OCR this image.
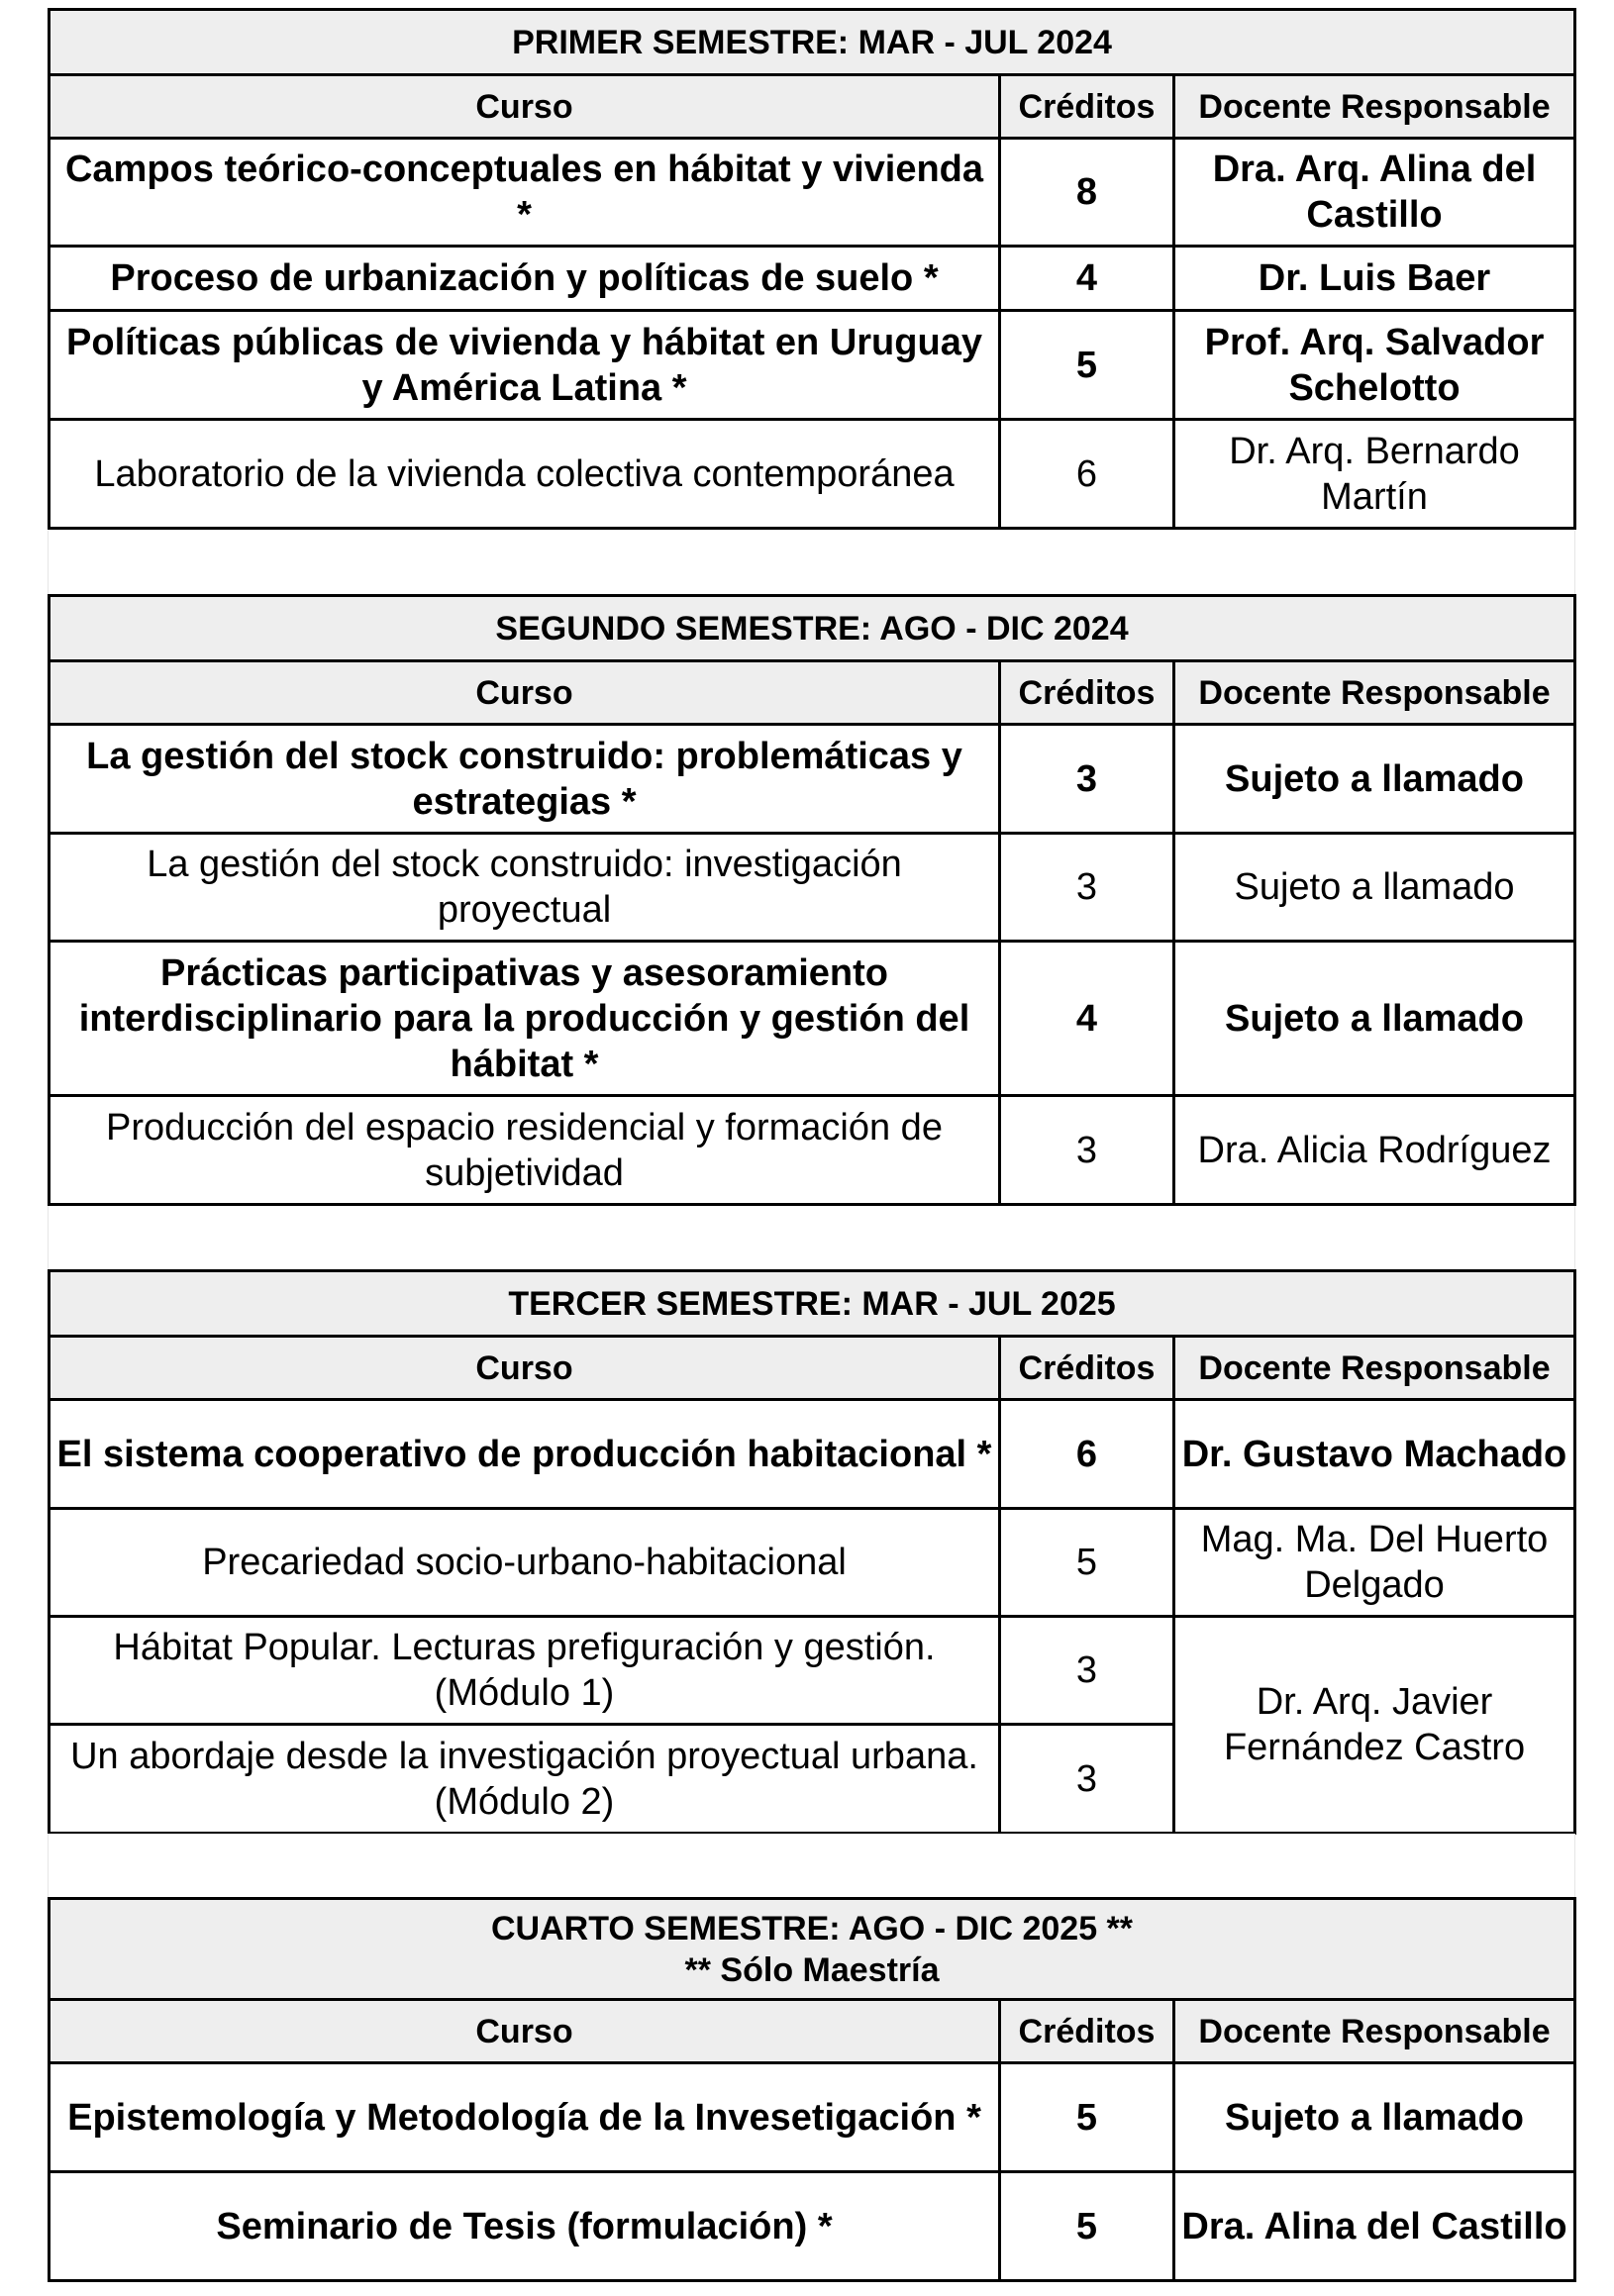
PRIMER SEMESTRE: MAR - JUL 2024		
Curso	Créditos	Docente Responsable
Campos teórico-conceptuales en hábitat y vivienda *	8	Dra. Arq. Alina del Castillo
Proceso de urbanización y políticas de suelo *	4	Dr. Luis Baer
Políticas públicas de vivienda y hábitat en Uruguay y América Latina *	5	Prof. Arq. Salvador Schelotto
Laboratorio de la vivienda colectiva contemporánea	6	Dr. Arq. Bernardo Martín
SEGUNDO SEMESTRE: AGO - DIC 2024		
Curso	Créditos	Docente Responsable
La gestión del stock construido: problemáticas y estrategias *	3	Sujeto a llamado
La gestión del stock construido: investigación proyectual	3	Sujeto a llamado
Prácticas participativas y asesoramiento interdisciplinario para la producción y gestión del hábitat *	4	Sujeto a llamado
Producción del espacio residencial y formación de subjetividad	3	Dra. Alicia Rodríguez
TERCER SEMESTRE: MAR - JUL 2025		
Curso	Créditos	Docente Responsable
El sistema cooperativo de producción habitacional *	6	Dr. Gustavo Machado
Precariedad socio-urbano-habitacional	5	Mag. Ma. Del Huerto Delgado
Hábitat Popular. Lecturas prefiguración y gestión. (Módulo 1)	3	Dr. Arq. Javier Fernández Castro
Un abordaje desde la investigación proyectual urbana. (Módulo 2)	3	
CUARTO SEMESTRE: AGO - DIC 2025 **
** Sólo Maestría		

Curso	Créditos	Docente Responsable
Epistemología y Metodología de la Invesetigación *	5	Sujeto a llamado
Seminario de Tesis (formulación) *	5	Dra. Alina del Castillo
